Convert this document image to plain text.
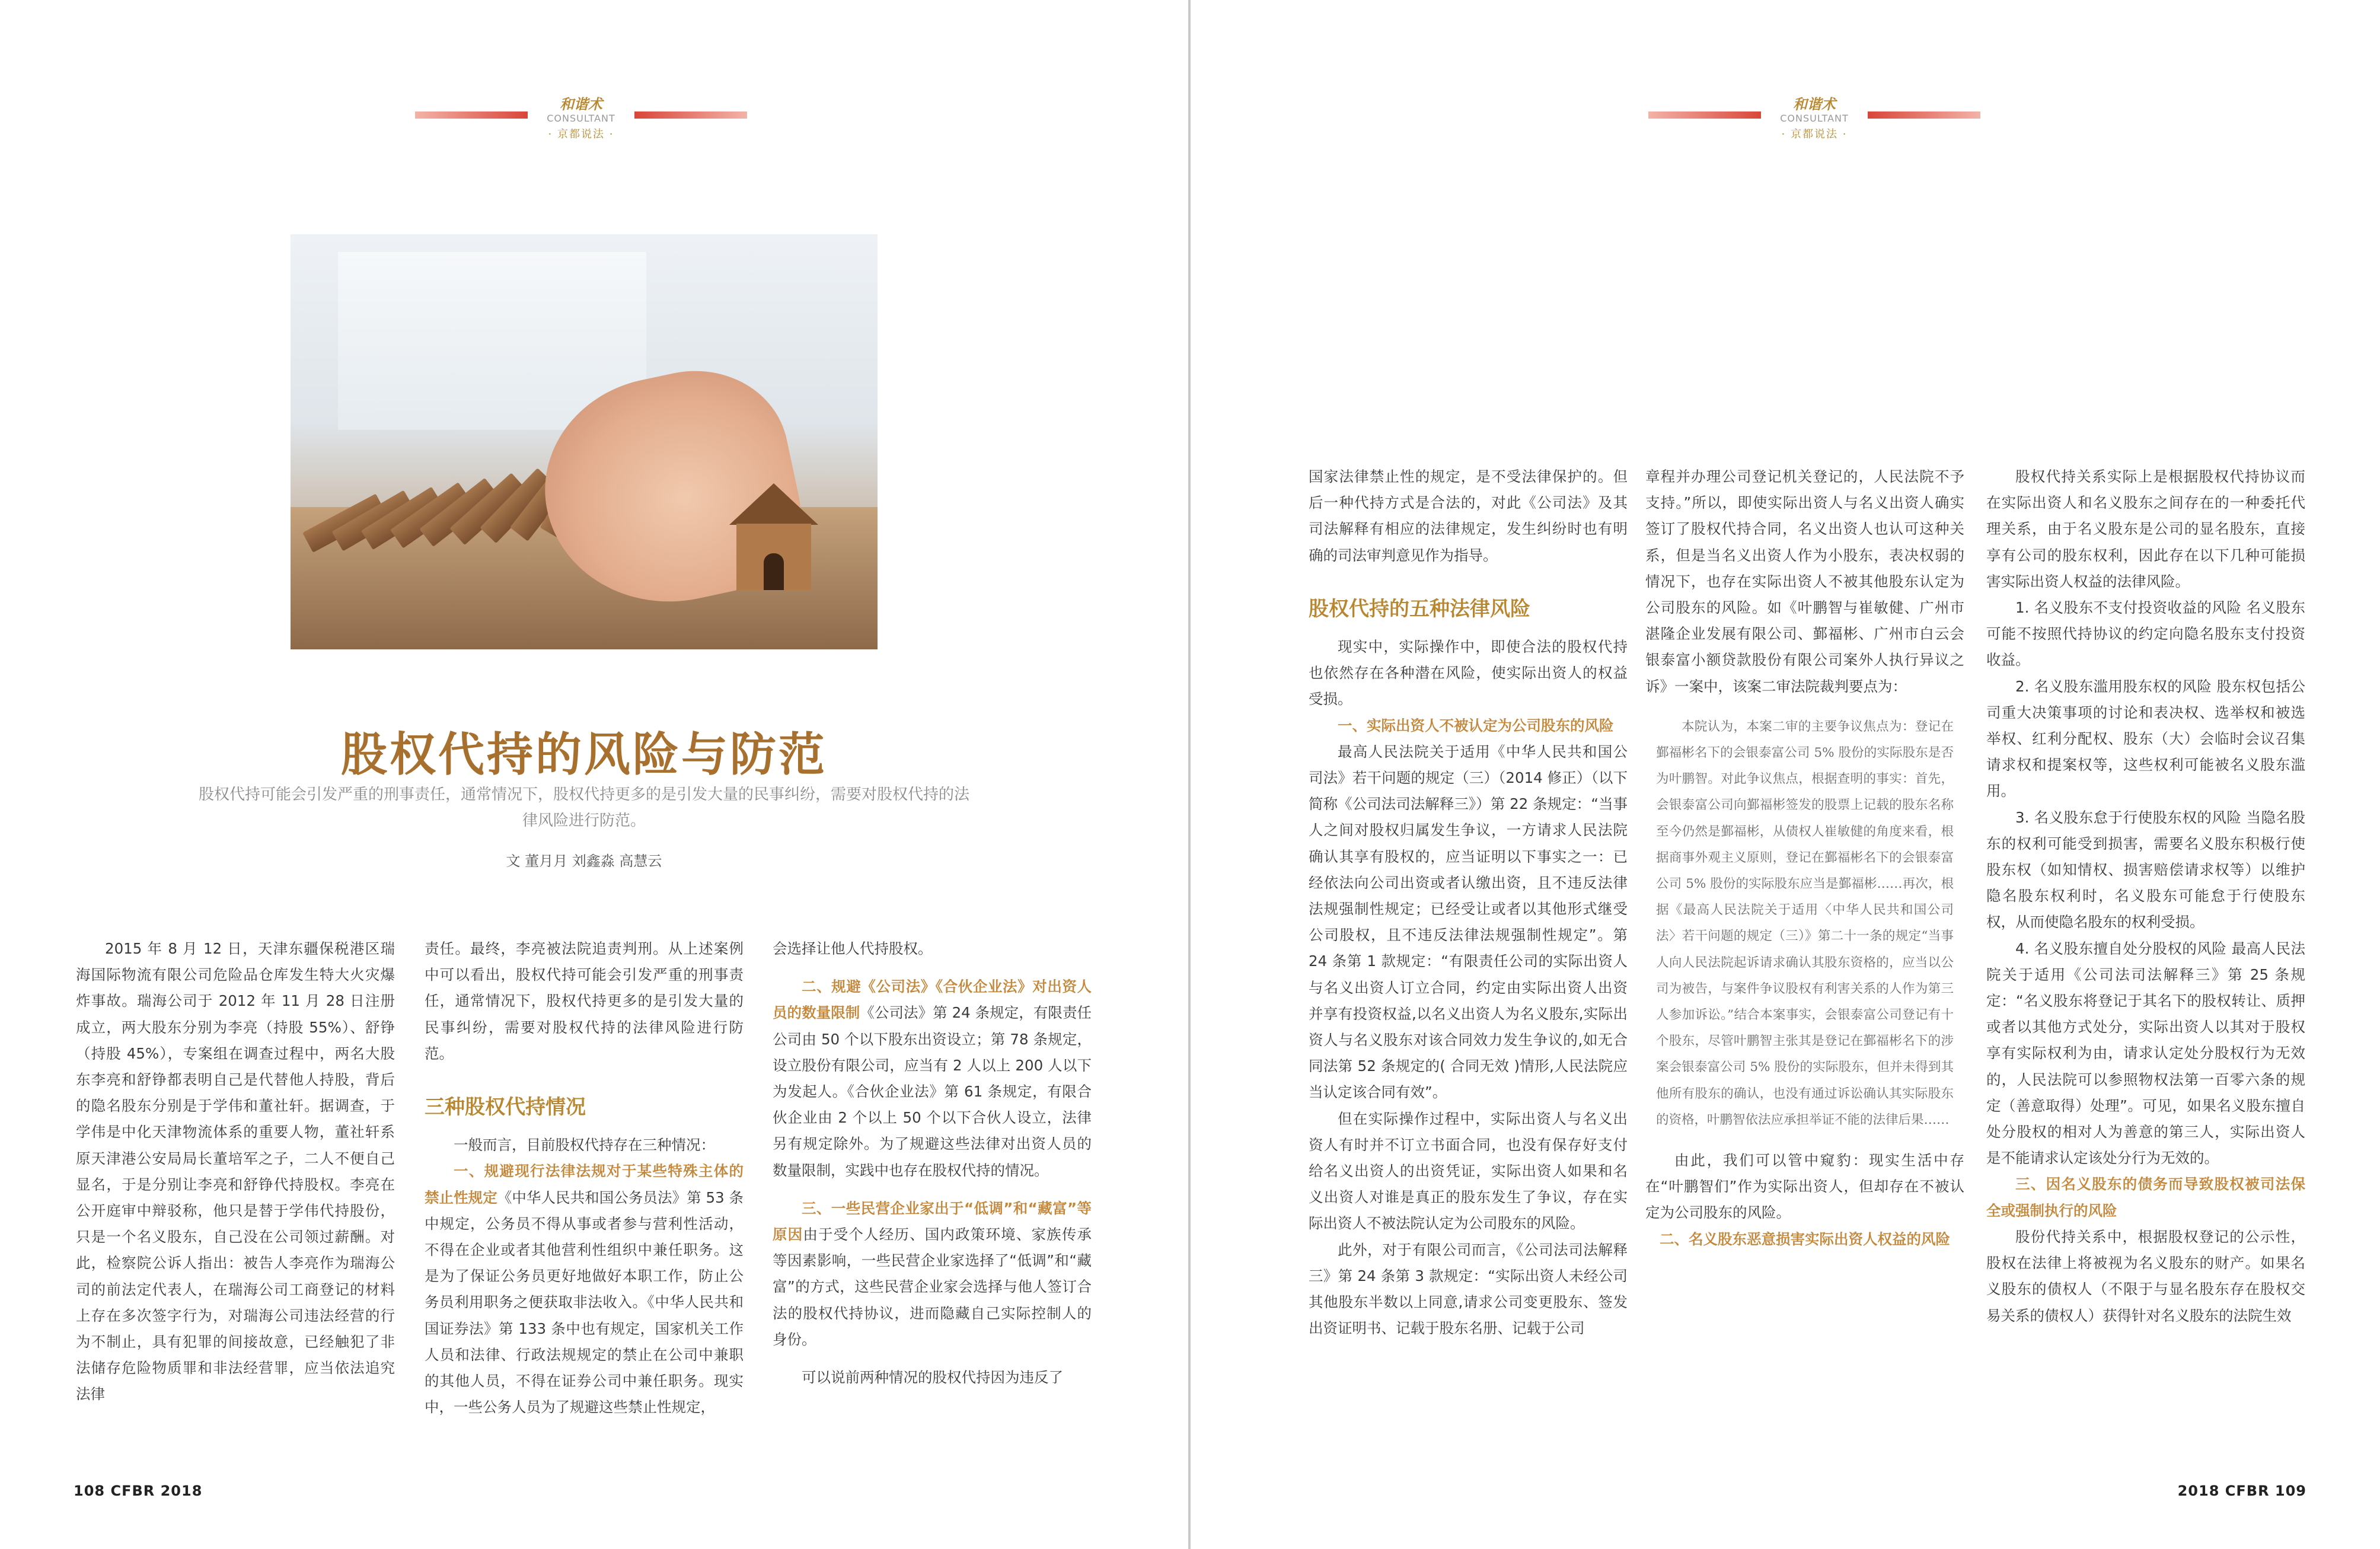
和谐术
CONSULTANT
· 京都说法 ·
股权代持的风险与防范
股权代持可能会引发严重的刑事责任，通常情况下，股权代持更多的是引发大量的民事纠纷，需要对股权代持的法律风险进行防范。
文 董月月 刘鑫淼 高慧云

2015 年 8 月 12 日，天津东疆保税港区瑞海国际物流有限公司危险品仓库发生特大火灾爆炸事故。瑞海公司于 2012 年 11 月 28 日注册成立，两大股东分别为李亮（持股 55%）、舒铮（持股 45%），专案组在调查过程中，两名大股东李亮和舒铮都表明自己是代替他人持股，背后的隐名股东分别是于学伟和董社轩。据调查，于学伟是中化天津物流体系的重要人物，董社轩系原天津港公安局局长董培军之子，二人不便自己显名，于是分别让李亮和舒铮代持股权。李亮在公开庭审中辩驳称，他只是替于学伟代持股份，只是一个名义股东，自己没在公司领过薪酬。对此，检察院公诉人指出：被告人李亮作为瑞海公司的前法定代表人，在瑞海公司工商登记的材料上存在多次签字行为，对瑞海公司违法经营的行为不制止，具有犯罪的间接故意，已经触犯了非法储存危险物质罪和非法经营罪，应当依法追究法律

责任。最终，李亮被法院追责判刑。从上述案例中可以看出，股权代持可能会引发严重的刑事责任，通常情况下，股权代持更多的是引发大量的民事纠纷，需要对股权代持的法律风险进行防范。

三种股权代持情况

一般而言，目前股权代持存在三种情况：

一、规避现行法律法规对于某些特殊主体的禁止性规定《中华人民共和国公务员法》第 53 条中规定，公务员不得从事或者参与营利性活动，不得在企业或者其他营利性组织中兼任职务。这是为了保证公务员更好地做好本职工作，防止公务员利用职务之便获取非法收入。《中华人民共和国证券法》第 133 条中也有规定，国家机关工作人员和法律、行政法规规定的禁止在公司中兼职的其他人员，不得在证券公司中兼任职务。现实中，一些公务人员为了规避这些禁止性规定，

会选择让他人代持股权。

二、规避《公司法》《合伙企业法》对出资人员的数量限制《公司法》第 24 条规定，有限责任公司由 50 个以下股东出资设立；第 78 条规定，设立股份有限公司，应当有 2 人以上 200 人以下为发起人。《合伙企业法》第 61 条规定，有限合伙企业由 2 个以上 50 个以下合伙人设立，法律另有规定除外。为了规避这些法律对出资人员的数量限制，实践中也存在股权代持的情况。

三、一些民营企业家出于“低调”和“藏富”等原因由于受个人经历、国内政策环境、家族传承等因素影响，一些民营企业家选择了“低调”和“藏富”的方式，这些民营企业家会选择与他人签订合法的股权代持协议，进而隐藏自己实际控制人的身份。

可以说前两种情况的股权代持因为违反了

108 CFBR 2018
和谐术
CONSULTANT
· 京都说法 ·

国家法律禁止性的规定，是不受法律保护的。但后一种代持方式是合法的，对此《公司法》及其司法解释有相应的法律规定，发生纠纷时也有明确的司法审判意见作为指导。

股权代持的五种法律风险

现实中，实际操作中，即使合法的股权代持也依然存在各种潜在风险，使实际出资人的权益受损。

一、实际出资人不被认定为公司股东的风险

最高人民法院关于适用《中华人民共和国公司法》若干问题的规定（三）（2014 修正）（以下简称《公司法司法解释三》）第 22 条规定：“当事人之间对股权归属发生争议，一方请求人民法院确认其享有股权的，应当证明以下事实之一：已经依法向公司出资或者认缴出资，且不违反法律法规强制性规定；已经受让或者以其他形式继受公司股权，且不违反法律法规强制性规定”。第 24 条第 1 款规定：“有限责任公司的实际出资人与名义出资人订立合同，约定由实际出资人出资并享有投资权益,以名义出资人为名义股东,实际出资人与名义股东对该合同效力发生争议的,如无合同法第 52 条规定的( 合同无效 )情形,人民法院应当认定该合同有效”。

但在实际操作过程中，实际出资人与名义出资人有时并不订立书面合同，也没有保存好支付给名义出资人的出资凭证，实际出资人如果和名义出资人对谁是真正的股东发生了争议，存在实际出资人不被法院认定为公司股东的风险。

此外，对于有限公司而言，《公司法司法解释三》第 24 条第 3 款规定：“实际出资人未经公司其他股东半数以上同意,请求公司变更股东、签发出资证明书、记载于股东名册、记载于公司

章程并办理公司登记机关登记的，人民法院不予支持。”所以，即使实际出资人与名义出资人确实签订了股权代持合同，名义出资人也认可这种关系，但是当名义出资人作为小股东，表决权弱的情况下，也存在实际出资人不被其他股东认定为公司股东的风险。如《叶鹏智与崔敏健、广州市湛隆企业发展有限公司、鄞福彬、广州市白云会银泰富小额贷款股份有限公司案外人执行异议之诉》一案中，该案二审法院裁判要点为：

本院认为，本案二审的主要争议焦点为：登记在鄞福彬名下的会银泰富公司 5% 股份的实际股东是否为叶鹏智。对此争议焦点，根据查明的事实：首先，会银泰富公司向鄞福彬签发的股票上记载的股东名称至今仍然是鄞福彬，从债权人崔敏健的角度来看，根据商事外观主义原则，登记在鄞福彬名下的会银泰富公司 5% 股份的实际股东应当是鄞福彬……再次，根据《最高人民法院关于适用〈中华人民共和国公司法〉若干问题的规定（三）》第二十一条的规定“当事人向人民法院起诉请求确认其股东资格的，应当以公司为被告，与案件争议股权有利害关系的人作为第三人参加诉讼。”结合本案事实，会银泰富公司登记有十个股东，尽管叶鹏智主张其是登记在鄞福彬名下的涉案会银泰富公司 5% 股份的实际股东，但并未得到其他所有股东的确认，也没有通过诉讼确认其实际股东的资格，叶鹏智依法应承担举证不能的法律后果……

由此，我们可以管中窥豹：现实生活中存在“叶鹏智们”作为实际出资人，但却存在不被认定为公司股东的风险。

二、名义股东恶意损害实际出资人权益的风险

股权代持关系实际上是根据股权代持协议而在实际出资人和名义股东之间存在的一种委托代理关系，由于名义股东是公司的显名股东，直接享有公司的股东权利，因此存在以下几种可能损害实际出资人权益的法律风险。

1. 名义股东不支付投资收益的风险 名义股东可能不按照代持协议的约定向隐名股东支付投资收益。

2. 名义股东滥用股东权的风险 股东权包括公司重大决策事项的讨论和表决权、选举权和被选举权、红利分配权、股东（大）会临时会议召集请求权和提案权等，这些权利可能被名义股东滥用。

3. 名义股东怠于行使股东权的风险 当隐名股东的权利可能受到损害，需要名义股东积极行使股东权（如知情权、损害赔偿请求权等）以维护隐名股东权利时，名义股东可能怠于行使股东权，从而使隐名股东的权利受损。

4. 名义股东擅自处分股权的风险 最高人民法院关于适用《公司法司法解释三》第 25 条规定：“名义股东将登记于其名下的股权转让、质押或者以其他方式处分，实际出资人以其对于股权享有实际权利为由，请求认定处分股权行为无效的，人民法院可以参照物权法第一百零六条的规定（善意取得）处理”。可见，如果名义股东擅自处分股权的相对人为善意的第三人，实际出资人是不能请求认定该处分行为无效的。

三、因名义股东的债务而导致股权被司法保全或强制执行的风险

股份代持关系中，根据股权登记的公示性，股权在法律上将被视为名义股东的财产。如果名义股东的债权人（不限于与显名股东存在股权交易关系的债权人）获得针对名义股东的法院生效

2018 CFBR 109
